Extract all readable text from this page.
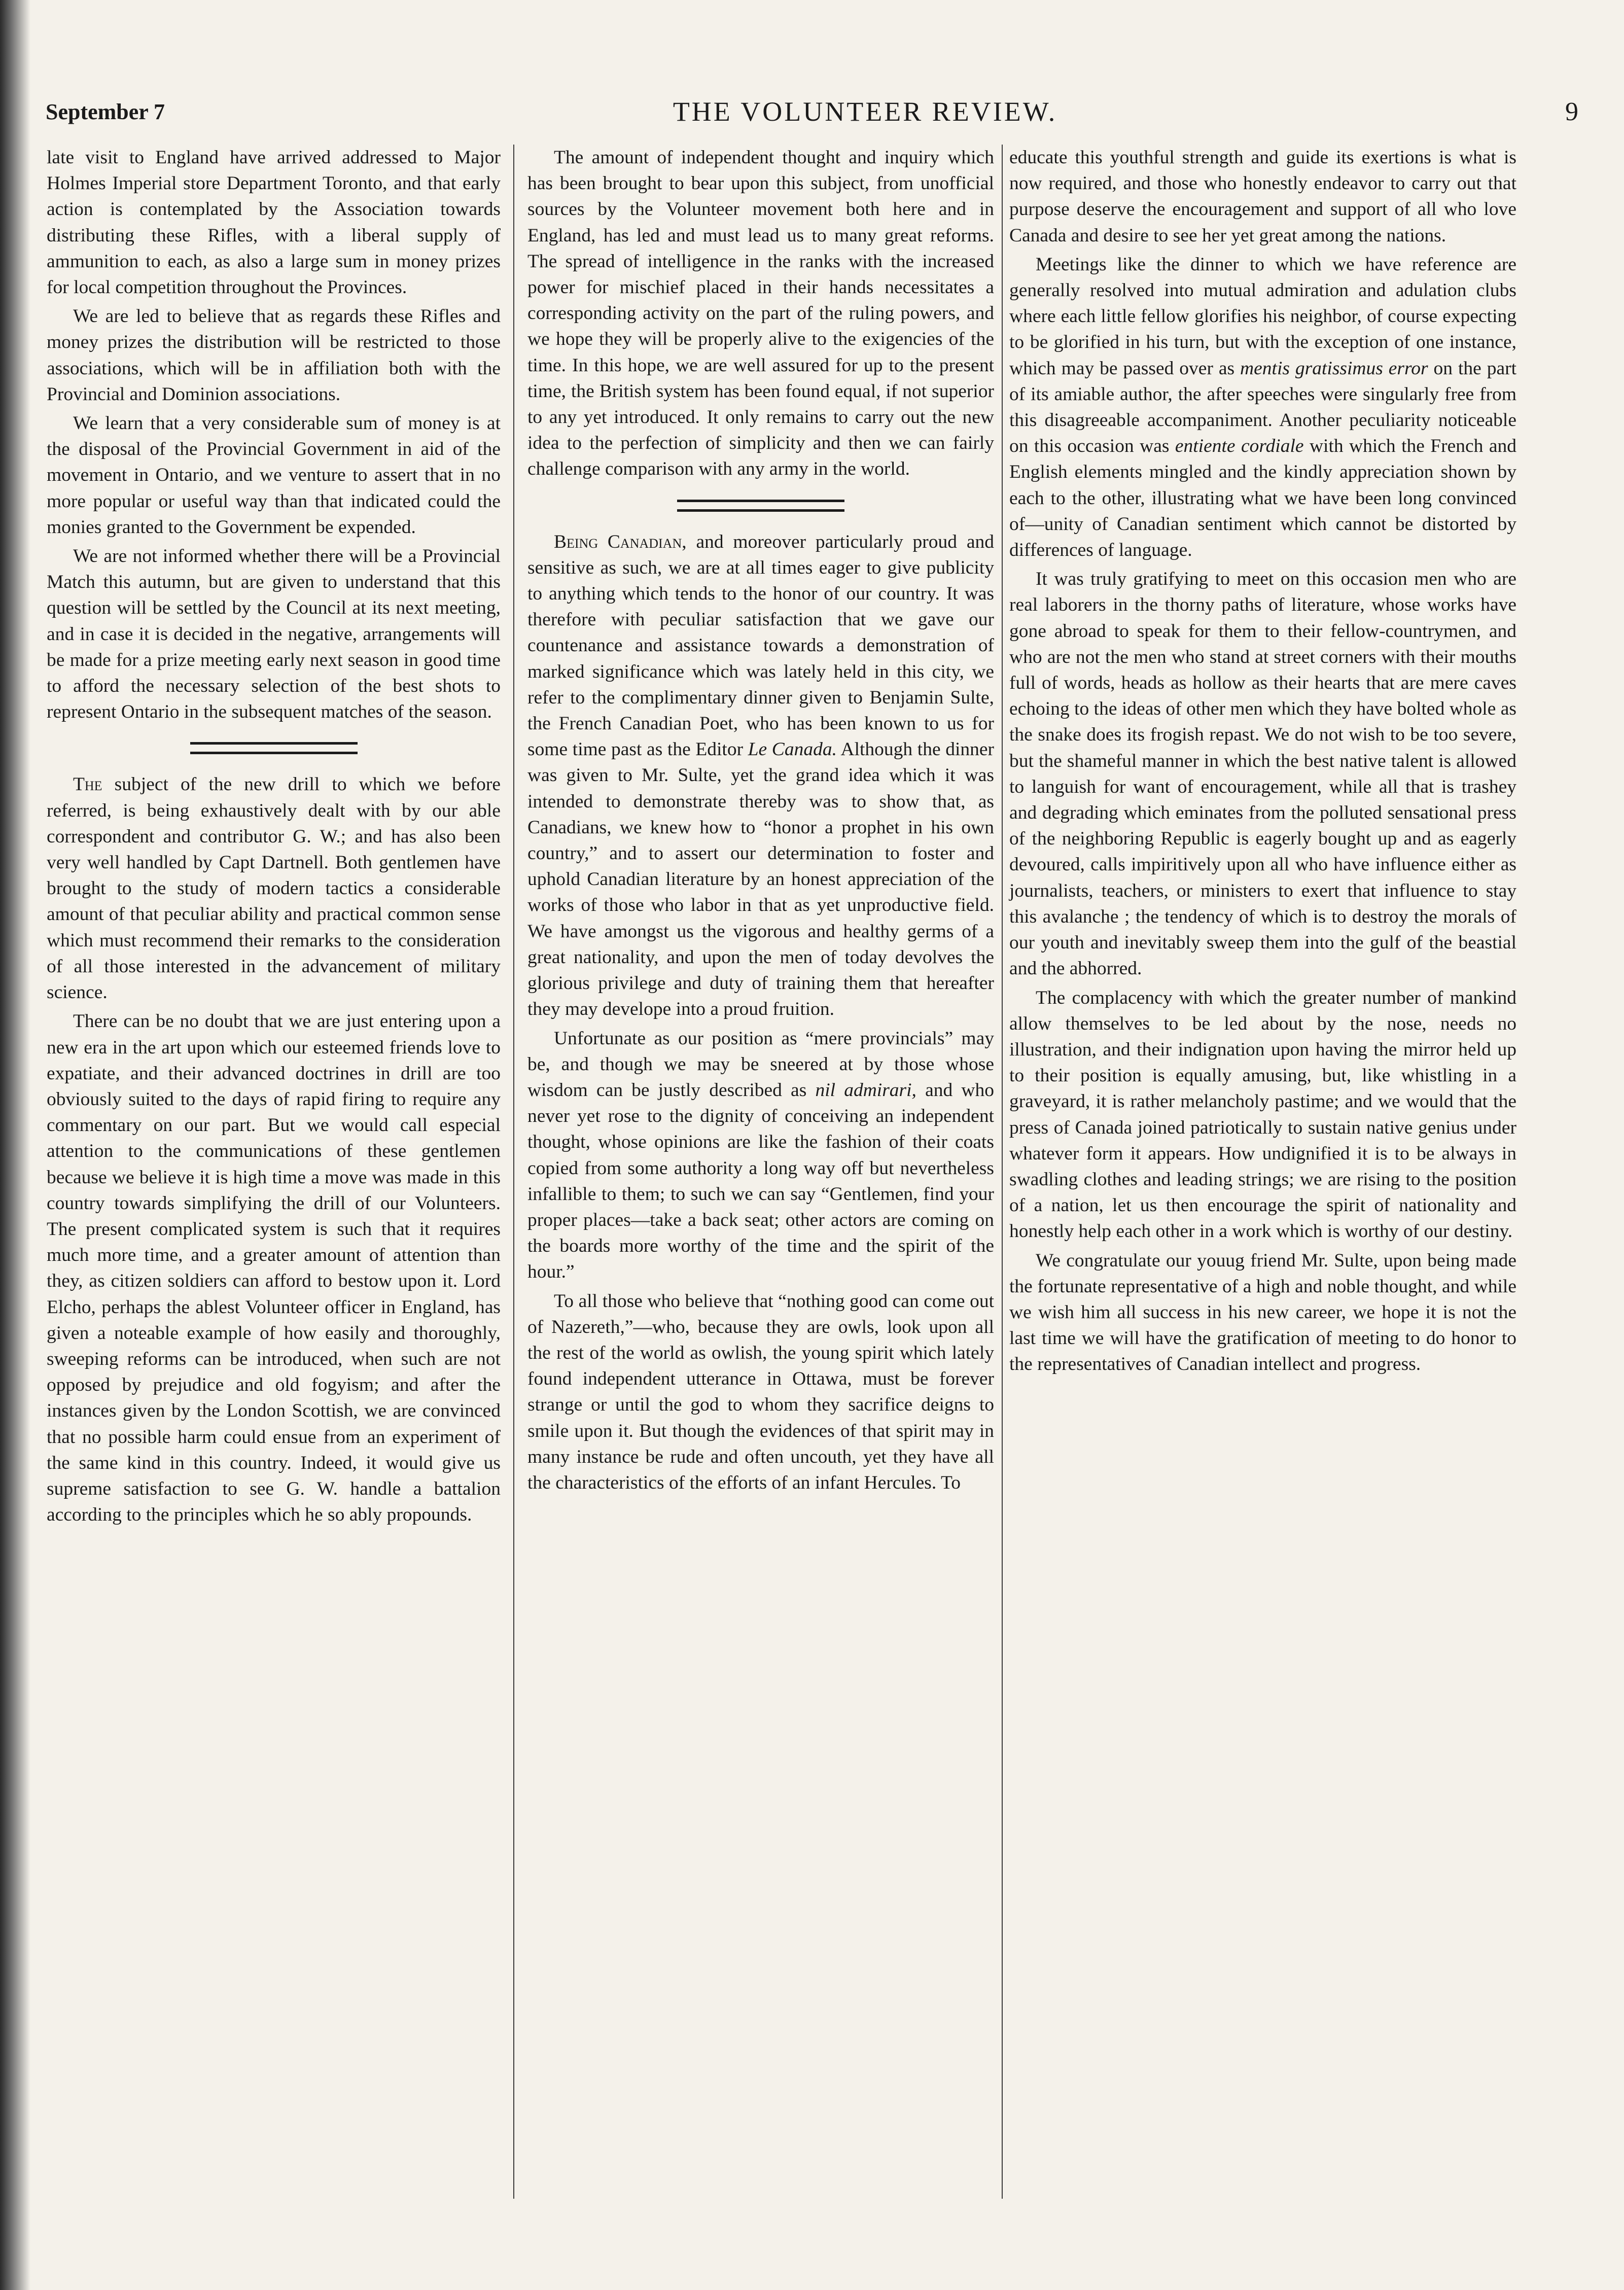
September 7	THE VOLUNTEER REVIEW.	9

late visit to England have arrived addressed to Major Holmes Imperial store Department Toronto, and that early action is contemplated by the Association towards distributing these Rifles, with a liberal supply of ammunition to each, as also a large sum in money prizes for local competition throughout the Provinces.

We are led to believe that as regards these Rifles and money prizes the distribution will be restricted to those associations, which will be in affiliation both with the Provincial and Dominion associations.

We learn that a very considerable sum of money is at the disposal of the Provincial Government in aid of the movement in Ontario, and we venture to assert that in no more popular or useful way than that indicated could the monies granted to the Government be expended.

We are not informed whether there will be a Provincial Match this autumn, but are given to understand that this question will be settled by the Council at its next meeting, and in case it is decided in the negative, arrangements will be made for a prize meeting early next season in good time to afford the necessary selection of the best shots to represent Ontario in the subsequent matches of the season.

The subject of the new drill to which we before referred, is being exhaustively dealt with by our able correspondent and contributor G. W.; and has also been very well handled by Capt Dartnell. Both gentlemen have brought to the study of modern tactics a considerable amount of that peculiar ability and practical common sense which must recommend their remarks to the consideration of all those interested in the advancement of military science.

There can be no doubt that we are just entering upon a new era in the art upon which our esteemed friends love to expatiate, and their advanced doctrines in drill are too obviously suited to the days of rapid firing to require any commentary on our part. But we would call especial attention to the communications of these gentlemen because we believe it is high time a move was made in this country towards simplifying the drill of our Volunteers. The present complicated system is such that it requires much more time, and a greater amount of attention than they, as citizen soldiers can afford to bestow upon it. Lord Elcho, perhaps the ablest Volunteer officer in England, has given a noteable example of how easily and thoroughly, sweeping reforms can be introduced, when such are not opposed by prejudice and old fogyism; and after the instances given by the London Scottish, we are convinced that no possible harm could ensue from an experiment of the same kind in this country. Indeed, it would give us supreme satisfaction to see G. W. handle a battalion according to the principles which he so ably propounds.

The amount of independent thought and inquiry which has been brought to bear upon this subject, from unofficial sources by the Volunteer movement both here and in England, has led and must lead us to many great reforms. The spread of intelligence in the ranks with the increased power for mischief placed in their hands necessitates a corresponding activity on the part of the ruling powers, and we hope they will be properly alive to the exigencies of the time. In this hope, we are well assured for up to the present time, the British system has been found equal, if not superior to any yet introduced. It only remains to carry out the new idea to the perfection of simplicity and then we can fairly challenge comparison with any army in the world.

Being Canadian, and moreover particularly proud and sensitive as such, we are at all times eager to give publicity to anything which tends to the honor of our country. It was therefore with peculiar satisfaction that we gave our countenance and assistance towards a demonstration of marked significance which was lately held in this city, we refer to the complimentary dinner given to Benjamin Sulte, the French Canadian Poet, who has been known to us for some time past as the Editor Le Canada. Although the dinner was given to Mr. Sulte, yet the grand idea which it was intended to demonstrate thereby was to show that, as Canadians, we knew how to “honor a prophet in his own country,” and to assert our determination to foster and uphold Canadian literature by an honest appreciation of the works of those who labor in that as yet unproductive field. We have amongst us the vigorous and healthy germs of a great nationality, and upon the men of today devolves the glorious privilege and duty of training them that hereafter they may develope into a proud fruition.

Unfortunate as our position as “mere provincials” may be, and though we may be sneered at by those whose wisdom can be justly described as nil admirari, and who never yet rose to the dignity of conceiving an independent thought, whose opinions are like the fashion of their coats copied from some authority a long way off but nevertheless infallible to them; to such we can say “Gentlemen, find your proper places—take a back seat; other actors are coming on the boards more worthy of the time and the spirit of the hour.”

To all those who believe that “nothing good can come out of Nazereth,”—who, because they are owls, look upon all the rest of the world as owlish, the young spirit which lately found independent utterance in Ottawa, must be forever strange or until the god to whom they sacrifice deigns to smile upon it. But though the evidences of that spirit may in many instance be rude and often uncouth, yet they have all the characteristics of the efforts of an infant Hercules. To

educate this youthful strength and guide its exertions is what is now required, and those who honestly endeavor to carry out that purpose deserve the encouragement and support of all who love Canada and desire to see her yet great among the nations.

Meetings like the dinner to which we have reference are generally resolved into mutual admiration and adulation clubs where each little fellow glorifies his neighbor, of course expecting to be glorified in his turn, but with the exception of one instance, which may be passed over as mentis gratissimus error on the part of its amiable author, the after speeches were singularly free from this disagreeable accompaniment. Another peculiarity noticeable on this occasion was entiente cordiale with which the French and English elements mingled and the kindly appreciation shown by each to the other, illustrating what we have been long convinced of—unity of Canadian sentiment which cannot be distorted by differences of language.

It was truly gratifying to meet on this occasion men who are real laborers in the thorny paths of literature, whose works have gone abroad to speak for them to their fellow-countrymen, and who are not the men who stand at street corners with their mouths full of words, heads as hollow as their hearts that are mere caves echoing to the ideas of other men which they have bolted whole as the snake does its frogish repast. We do not wish to be too severe, but the shameful manner in which the best native talent is allowed to languish for want of encouragement, while all that is trashey and degrading which eminates from the polluted sensational press of the neighboring Republic is eagerly bought up and as eagerly devoured, calls impiritively upon all who have influence either as journalists, teachers, or ministers to exert that influence to stay this avalanche ; the tendency of which is to destroy the morals of our youth and inevitably sweep them into the gulf of the beastial and the abhorred.

The complacency with which the greater number of mankind allow themselves to be led about by the nose, needs no illustration, and their indignation upon having the mirror held up to their position is equally amusing, but, like whistling in a graveyard, it is rather melancholy pastime; and we would that the press of Canada joined patriotically to sustain native genius under whatever form it appears. How undignified it is to be always in swadling clothes and leading strings; we are rising to the position of a nation, let us then encourage the spirit of nationality and honestly help each other in a work which is worthy of our destiny.

We congratulate our youug friend Mr. Sulte, upon being made the fortunate representative of a high and noble thought, and while we wish him all success in his new career, we hope it is not the last time we will have the gratification of meeting to do honor to the representatives of Canadian intellect and progress.
